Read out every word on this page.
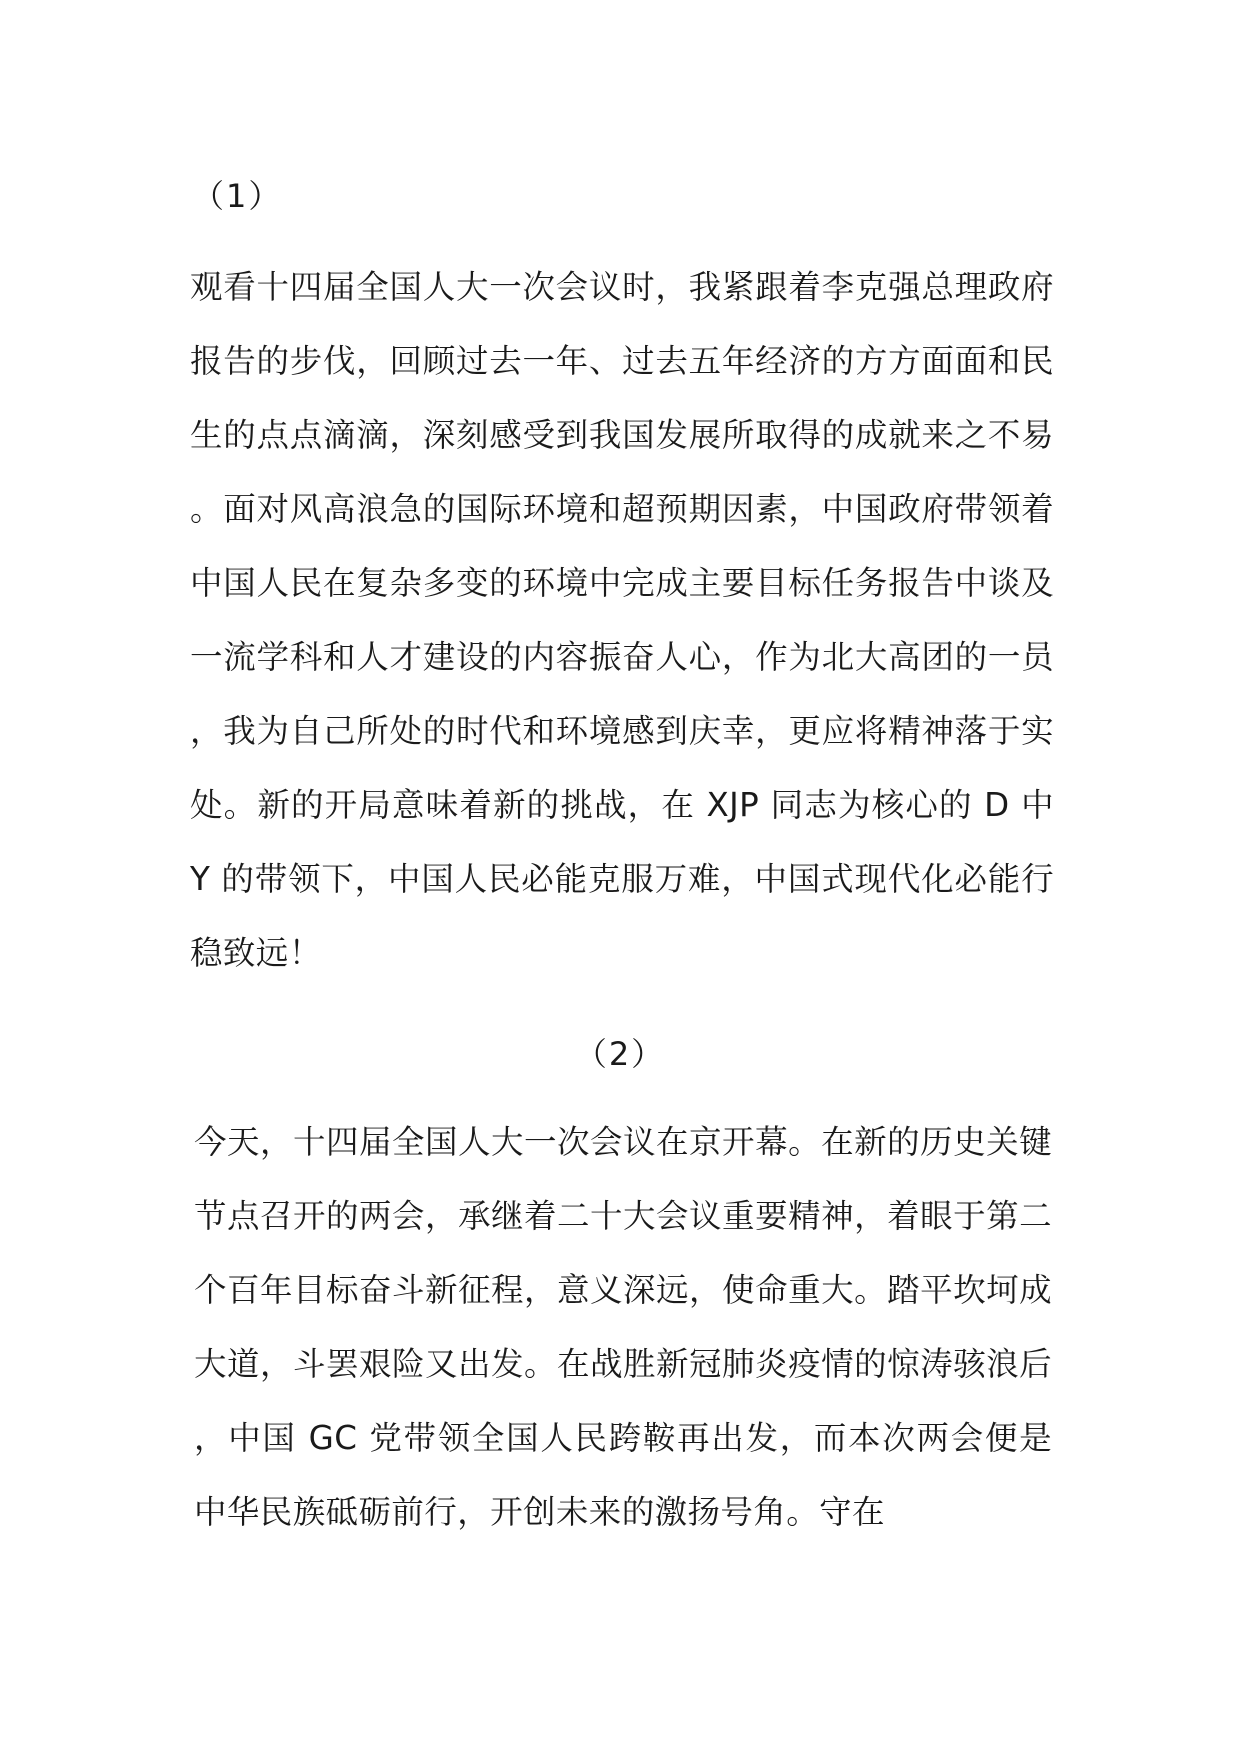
（1）

观看十四届全国人大一次会议时，我紧跟着李克强总理政府报告的步伐，回顾过去一年、过去五年经济的方方面面和民生的点点滴滴，深刻感受到我国发展所取得的成就来之不易。面对风高浪急的国际环境和超预期因素，中国政府带领着中国人民在复杂多变的环境中完成主要目标任务报告中谈及一流学科和人才建设的内容振奋人心，作为北大高团的一员，我为自己所处的时代和环境感到庆幸，更应将精神落于实处。新的开局意味着新的挑战，在 XJP 同志为核心的 D 中 Y 的带领下，中国人民必能克服万难，中国式现代化必能行稳致远！

（2）

今天，十四届全国人大一次会议在京开幕。在新的历史关键节点召开的两会，承继着二十大会议重要精神，着眼于第二个百年目标奋斗新征程，意义深远，使命重大。踏平坎坷成大道，斗罢艰险又出发。在战胜新冠肺炎疫情的惊涛骇浪后，中国 GC 党带领全国人民跨鞍再出发，而本次两会便是中华民族砥砺前行，开创未来的激扬号角。守在
